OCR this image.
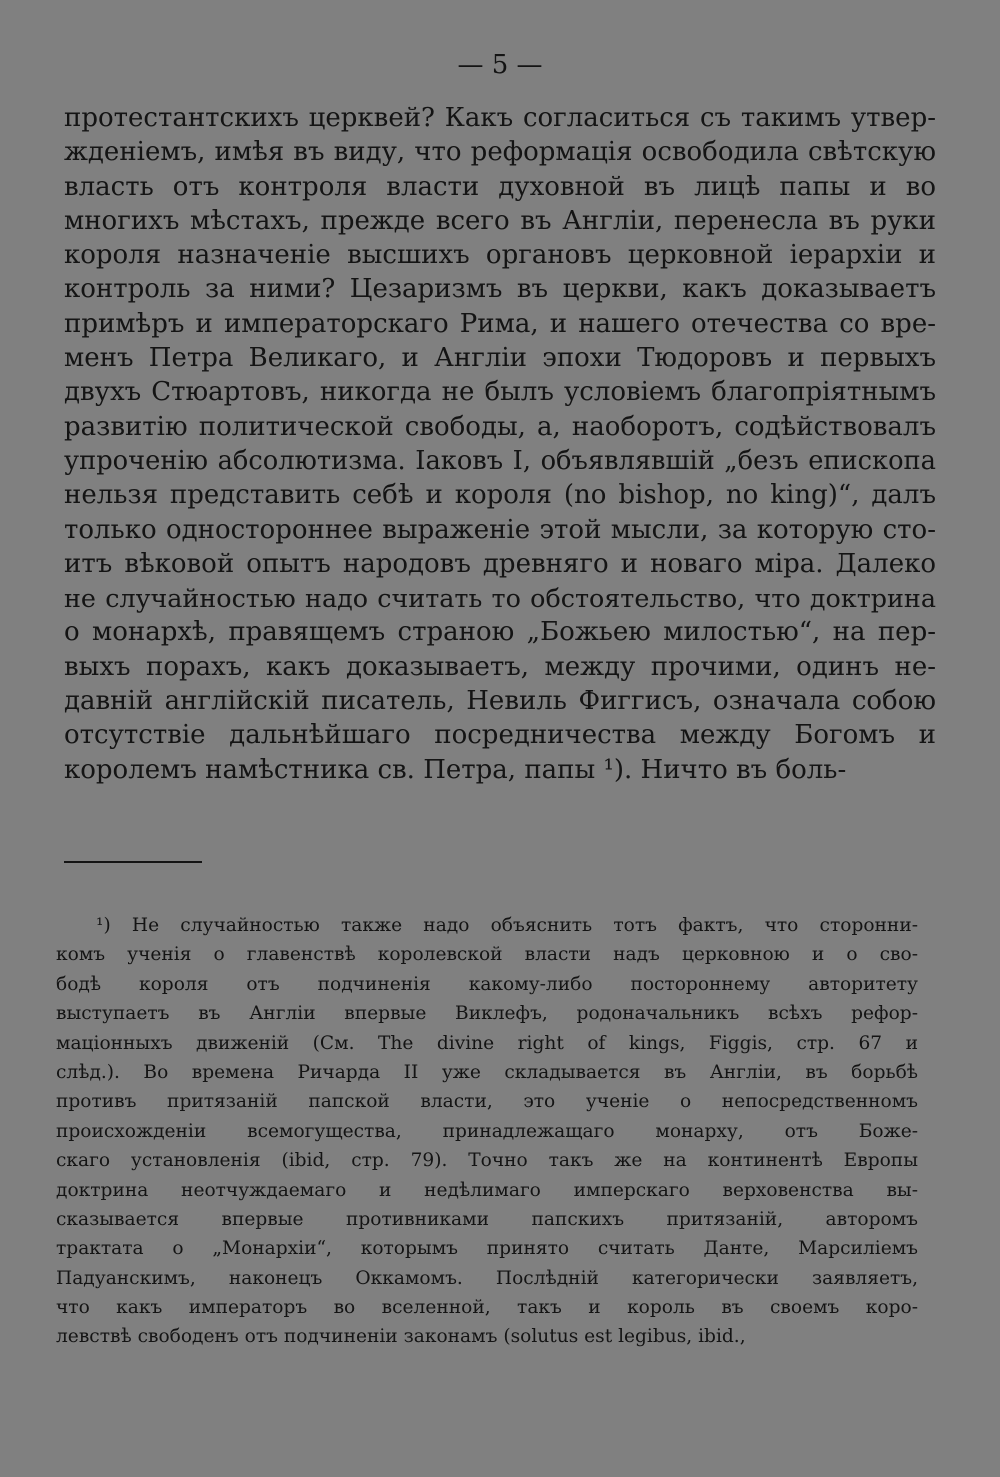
— 5 —
протестантскихъ церквей? Какъ согласиться съ такимъ утвер-
жденіемъ, имѣя въ виду, что реформація освободила свѣтскую
власть отъ контроля власти духовной въ лицѣ папы и во
многихъ мѣстахъ, прежде всего въ Англіи, перенесла въ руки
короля назначеніе высшихъ органовъ церковной іерархіи и
контроль за ними? Цезаризмъ въ церкви, какъ доказываетъ
примѣръ и императорскаго Рима, и нашего отечества со вре-
менъ Петра Великаго, и Англіи эпохи Тюдоровъ и первыхъ
двухъ Стюартовъ, никогда не былъ условіемъ благопріятнымъ
развитію политической свободы, а, наоборотъ, содѣйствовалъ
упроченію абсолютизма. Іаковъ I, объявлявшій „безъ епископа
нельзя представить себѣ и короля (no bishop, no king)“, далъ
только одностороннее выраженіе этой мысли, за которую сто-
итъ вѣковой опытъ народовъ древняго и новаго міра. Далеко
не случайностью надо считать то обстоятельство, что доктрина
о монархѣ, правящемъ страною „Божьею милостью“, на пер-
выхъ порахъ, какъ доказываетъ, между прочими, одинъ не-
давній англійскій писатель, Невиль Фиггисъ, означала собою
отсутствіе дальнѣйшаго посредничества между Богомъ и
королемъ намѣстника св. Петра, папы ¹). Ничто въ боль-
¹) Не случайностью также надо объяснить тотъ фактъ, что сторонни-
комъ ученія о главенствѣ королевской власти надъ церковною и о сво-
бодѣ короля отъ подчиненія какому-либо постороннему авторитету
выступаетъ въ Англіи впервые Виклефъ, родоначальникъ всѣхъ рефор-
маціонныхъ движеній (См. The divine right of kings, Figgis, стр. 67 и
слѣд.). Во времена Ричарда II уже складывается въ Англіи, въ борьбѣ
противъ притязаній папской власти, это ученіе о непосредственномъ
происхожденіи всемогущества, принадлежащаго монарху, отъ Боже-
скаго установленія (ibid, стр. 79). Точно такъ же на континентѣ Европы
доктрина неотчуждаемаго и недѣлимаго имперскаго верховенства вы-
сказывается впервые противниками папскихъ притязаній, авторомъ
трактата о „Монархіи“, которымъ принято считать Данте, Марсиліемъ
Падуанскимъ, наконецъ Оккамомъ. Послѣдній категорически заявляетъ,
что какъ императоръ во вселенной, такъ и король въ своемъ коро-
левствѣ свободенъ отъ подчиненіи законамъ (solutus est legibus, ibid.,
